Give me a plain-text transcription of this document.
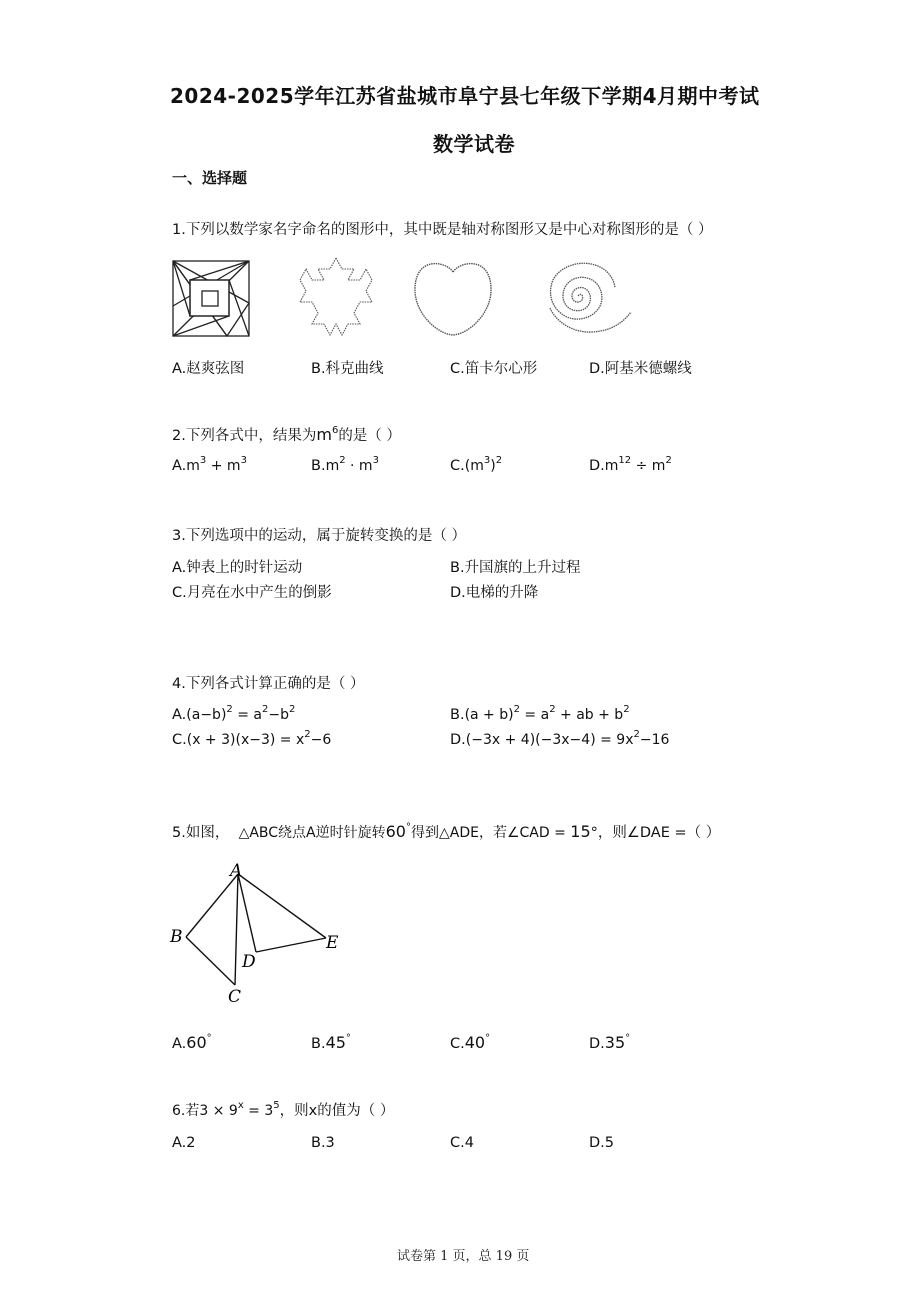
2024-2025学年江苏省盐城市阜宁县七年级下学期4月期中考试
数学试卷
一、选择题
1.下列以数学家名字命名的图形中，其中既是轴对称图形又是中心对称图形的是（ ）
A.赵爽弦图	B.科克曲线	C.笛卡尔心形	D.阿基米德螺线
2.下列各式中，结果为$m^6$的是（ ）
$A.m^3 + m^3$	$B.m^2 \cdot m^3$	$C.(m^3)^2$	$D.m^{12} \div m^2$
3.下列选项中的运动，属于旋转变换的是（ ）
A.钟表上的时针运动	B.升国旗的上升过程
C.月亮在水中产生的倒影	D.电梯的升降
4.下列各式计算正确的是（ ）
$A.(a-b)^2 = a^2-b^2$	$B.(a + b)^2 = a^2$ + ab + $b^2$
$C.(x + 3)(x-3) = x^2-6$	$D.(-3x + 4)(-3x-4) = 9x^2-16$
5.如图， △ABC绕点A逆时针旋转60°得到△ADE，若∠CAD = 15°，则∠DAE =（ ）
A
B
C
D
E
A.60°	B.45°	C.40°	D.35°
6.若$3 \times 9^x = 3^5$，则x的值为（ ）
A.2	B.3	C.4	D.5
试卷第 1 页，总 19 页
